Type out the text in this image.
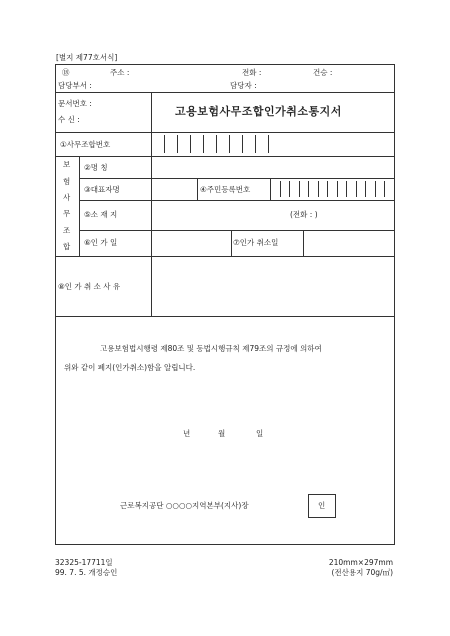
[별지 제77호서식]
⑱	주소 :	전화 :	건승 :
담당부서 :	담당자 :
문서번호 :
수 신 :
고용보험사무조합인가취소통지서
①사무조합번호
보
험
사
무
조
합
②명 칭
③대표자명	④주민등록번호
⑤소 재 지	(전화 : )
⑥인 가 일	⑦인가 취소일
⑧인 가 취 소 사 유
고용보험법시행령 제80조 및 동법시행규칙 제79조의 규정에 의하여
위와 같이 폐지(인가취소)함을 알립니다.
년	월	일
근로복지공단 ○○○○지역본부(지사)장	인
32325-17711일
99. 7. 5. 개정승인
210mm×297mm
(전산용지 70g/㎡)
